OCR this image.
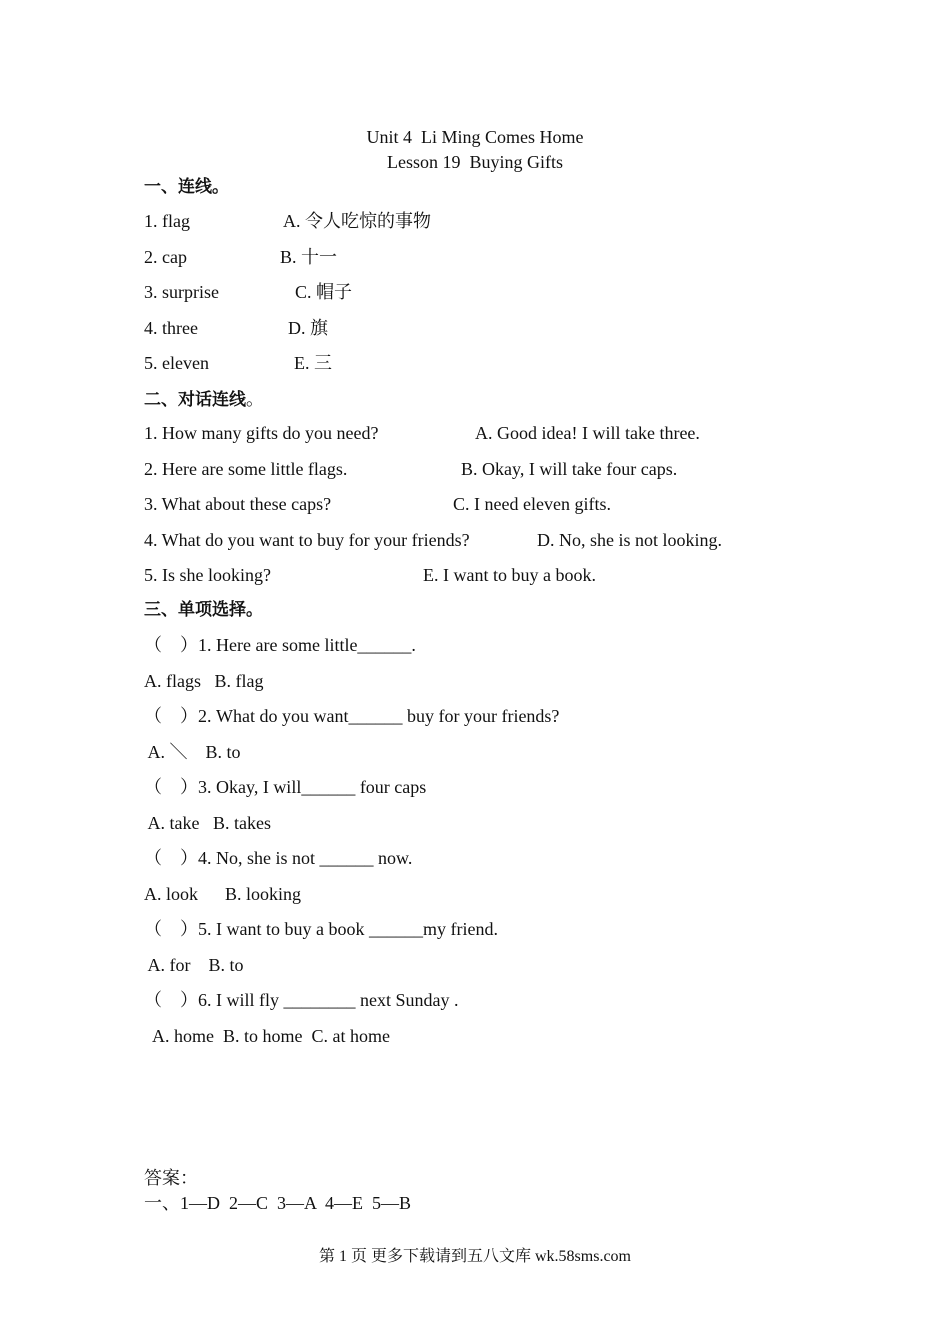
Unit 4  Li Ming Comes Home
Lesson 19  Buying Gifts
一、连线。
1. flag
2. cap
3. surprise
4. three
5. eleven
A. 令人吃惊的事物
B. 十一
C. 帽子
D. 旗
E. 三
二、对话连线。
1. How many gifts do you need?
2. Here are some little flags.
3. What about these caps?
4. What do you want to buy for your friends?
5. Is she looking?
A. Good idea! I will take three.
B. Okay, I will take four caps.
C. I need eleven gifts.
D. No, she is not looking.
E. I want to buy a book.
三、单项选择。
（    ）1. Here are some little______.
A. flags   B. flag
（    ）2. What do you want______ buy for your friends?
A. ＼    B. to
（    ）3. Okay, I will______ four caps
A. take   B. takes
（    ）4. No, she is not ______ now.
A. look      B. looking
（    ）5. I want to buy a book ______my friend.
A. for    B. to
（    ）6. I will fly ________ next Sunday .
A. home  B. to home  C. at home
答案：
一、1—D  2—C  3—A  4—E  5—B
第 1 页 更多下载请到五八文库 wk.58sms.com
